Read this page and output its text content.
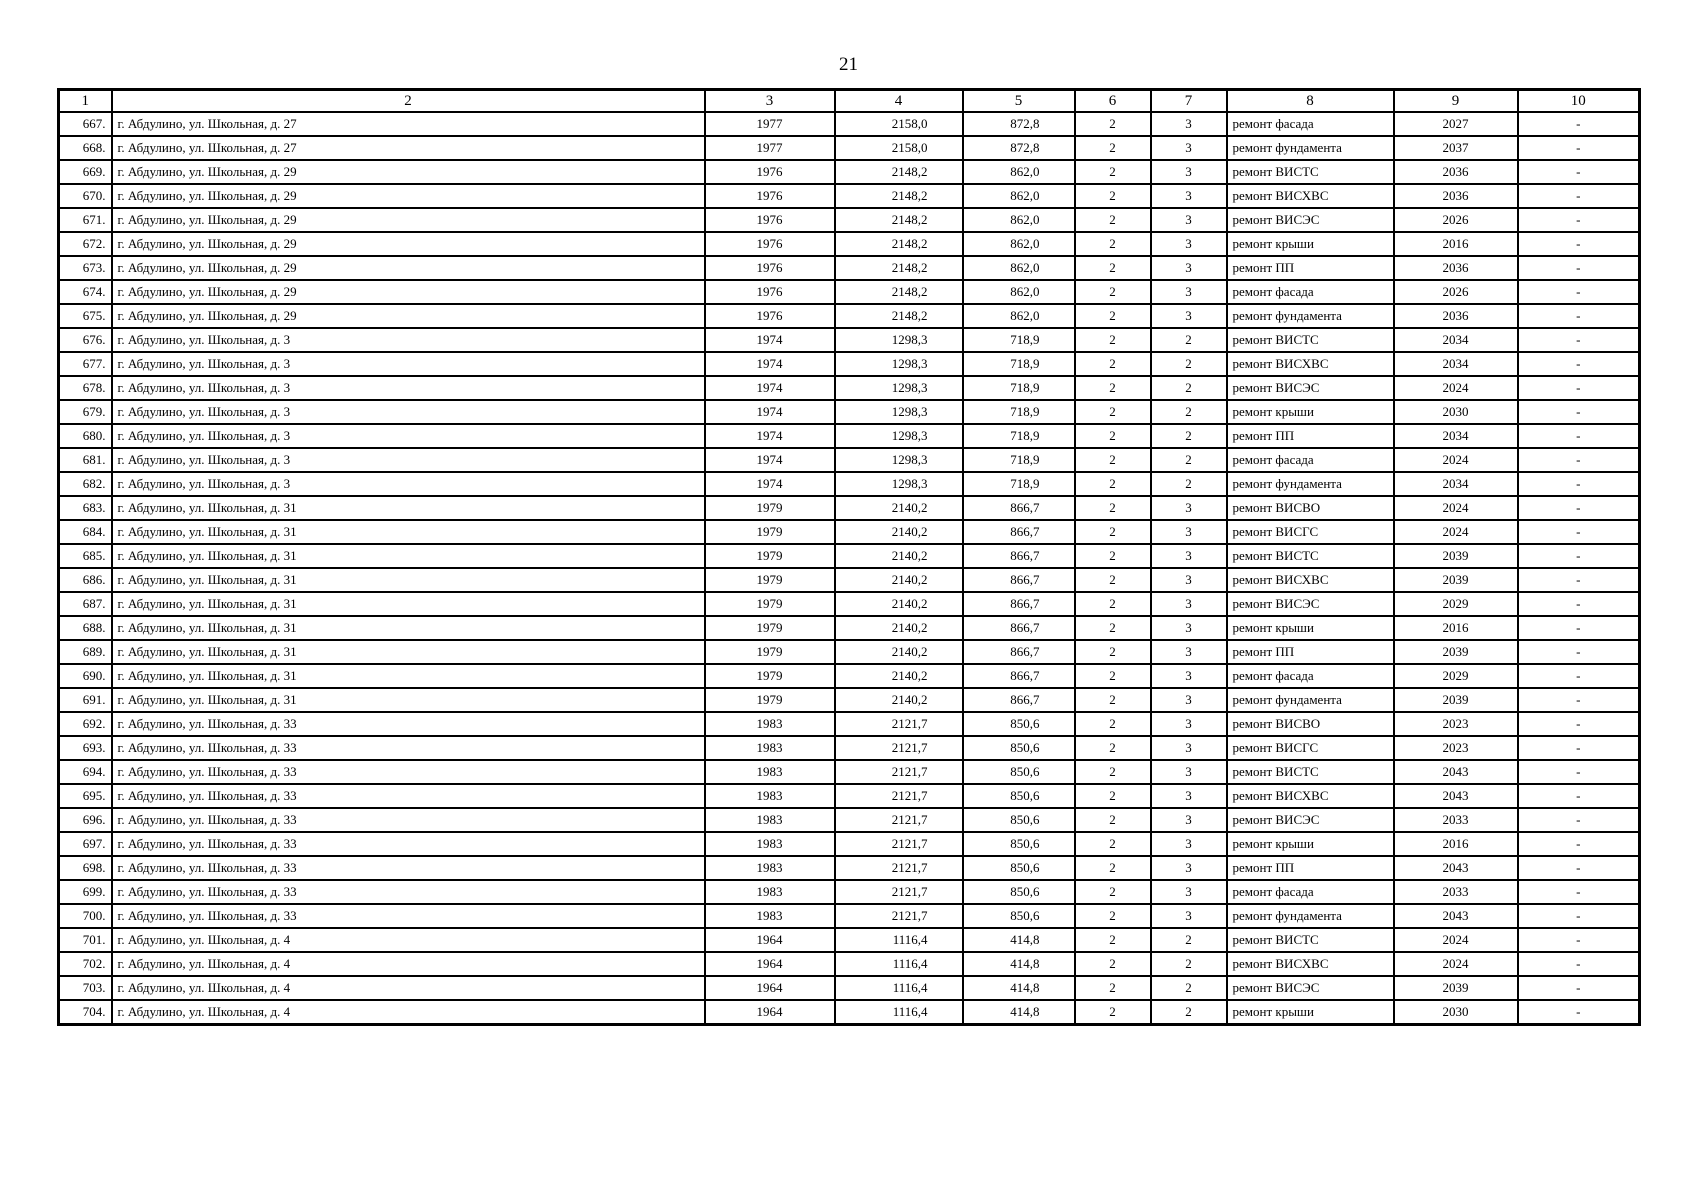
21
1	2	3	4	5	6	7	8	9	10
667.	г. Абдулино, ул. Школьная, д. 27	1977	2158,0	872,8	2	3	ремонт фасада	2027	-
668.	г. Абдулино, ул. Школьная, д. 27	1977	2158,0	872,8	2	3	ремонт фундамента	2037	-
669.	г. Абдулино, ул. Школьная, д. 29	1976	2148,2	862,0	2	3	ремонт ВИСТС	2036	-
670.	г. Абдулино, ул. Школьная, д. 29	1976	2148,2	862,0	2	3	ремонт ВИСХВС	2036	-
671.	г. Абдулино, ул. Школьная, д. 29	1976	2148,2	862,0	2	3	ремонт ВИСЭС	2026	-
672.	г. Абдулино, ул. Школьная, д. 29	1976	2148,2	862,0	2	3	ремонт крыши	2016	-
673.	г. Абдулино, ул. Школьная, д. 29	1976	2148,2	862,0	2	3	ремонт ПП	2036	-
674.	г. Абдулино, ул. Школьная, д. 29	1976	2148,2	862,0	2	3	ремонт фасада	2026	-
675.	г. Абдулино, ул. Школьная, д. 29	1976	2148,2	862,0	2	3	ремонт фундамента	2036	-
676.	г. Абдулино, ул. Школьная, д. 3	1974	1298,3	718,9	2	2	ремонт ВИСТС	2034	-
677.	г. Абдулино, ул. Школьная, д. 3	1974	1298,3	718,9	2	2	ремонт ВИСХВС	2034	-
678.	г. Абдулино, ул. Школьная, д. 3	1974	1298,3	718,9	2	2	ремонт ВИСЭС	2024	-
679.	г. Абдулино, ул. Школьная, д. 3	1974	1298,3	718,9	2	2	ремонт крыши	2030	-
680.	г. Абдулино, ул. Школьная, д. 3	1974	1298,3	718,9	2	2	ремонт ПП	2034	-
681.	г. Абдулино, ул. Школьная, д. 3	1974	1298,3	718,9	2	2	ремонт фасада	2024	-
682.	г. Абдулино, ул. Школьная, д. 3	1974	1298,3	718,9	2	2	ремонт фундамента	2034	-
683.	г. Абдулино, ул. Школьная, д. 31	1979	2140,2	866,7	2	3	ремонт ВИСВО	2024	-
684.	г. Абдулино, ул. Школьная, д. 31	1979	2140,2	866,7	2	3	ремонт ВИСГС	2024	-
685.	г. Абдулино, ул. Школьная, д. 31	1979	2140,2	866,7	2	3	ремонт ВИСТС	2039	-
686.	г. Абдулино, ул. Школьная, д. 31	1979	2140,2	866,7	2	3	ремонт ВИСХВС	2039	-
687.	г. Абдулино, ул. Школьная, д. 31	1979	2140,2	866,7	2	3	ремонт ВИСЭС	2029	-
688.	г. Абдулино, ул. Школьная, д. 31	1979	2140,2	866,7	2	3	ремонт крыши	2016	-
689.	г. Абдулино, ул. Школьная, д. 31	1979	2140,2	866,7	2	3	ремонт ПП	2039	-
690.	г. Абдулино, ул. Школьная, д. 31	1979	2140,2	866,7	2	3	ремонт фасада	2029	-
691.	г. Абдулино, ул. Школьная, д. 31	1979	2140,2	866,7	2	3	ремонт фундамента	2039	-
692.	г. Абдулино, ул. Школьная, д. 33	1983	2121,7	850,6	2	3	ремонт ВИСВО	2023	-
693.	г. Абдулино, ул. Школьная, д. 33	1983	2121,7	850,6	2	3	ремонт ВИСГС	2023	-
694.	г. Абдулино, ул. Школьная, д. 33	1983	2121,7	850,6	2	3	ремонт ВИСТС	2043	-
695.	г. Абдулино, ул. Школьная, д. 33	1983	2121,7	850,6	2	3	ремонт ВИСХВС	2043	-
696.	г. Абдулино, ул. Школьная, д. 33	1983	2121,7	850,6	2	3	ремонт ВИСЭС	2033	-
697.	г. Абдулино, ул. Школьная, д. 33	1983	2121,7	850,6	2	3	ремонт крыши	2016	-
698.	г. Абдулино, ул. Школьная, д. 33	1983	2121,7	850,6	2	3	ремонт ПП	2043	-
699.	г. Абдулино, ул. Школьная, д. 33	1983	2121,7	850,6	2	3	ремонт фасада	2033	-
700.	г. Абдулино, ул. Школьная, д. 33	1983	2121,7	850,6	2	3	ремонт фундамента	2043	-
701.	г. Абдулино, ул. Школьная, д. 4	1964	1116,4	414,8	2	2	ремонт ВИСТС	2024	-
702.	г. Абдулино, ул. Школьная, д. 4	1964	1116,4	414,8	2	2	ремонт ВИСХВС	2024	-
703.	г. Абдулино, ул. Школьная, д. 4	1964	1116,4	414,8	2	2	ремонт ВИСЭС	2039	-
704.	г. Абдулино, ул. Школьная, д. 4	1964	1116,4	414,8	2	2	ремонт крыши	2030	-
